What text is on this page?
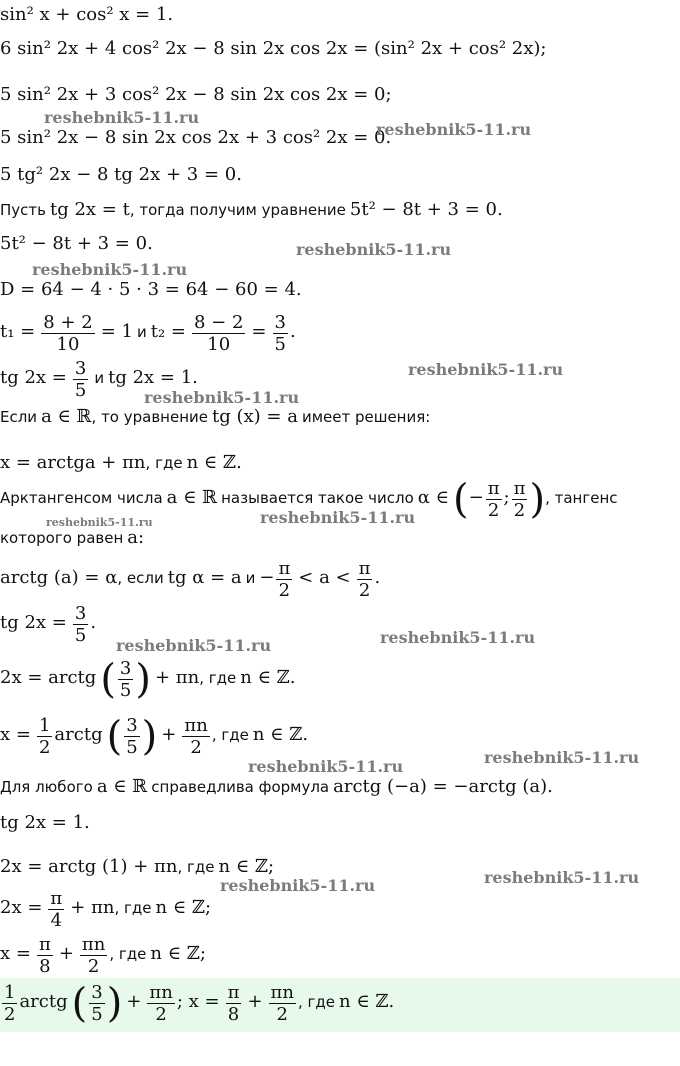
sin² x + cos² x = 1.
6 sin² 2x + 4 cos² 2x − 8 sin 2x cos 2x = (sin² 2x + cos² 2x);
5 sin² 2x + 3 cos² 2x − 8 sin 2x cos 2x = 0;
5 sin² 2x − 8 sin 2x cos 2x + 3 cos² 2x = 0.
5 tg² 2x − 8 tg 2x + 3 = 0.
Пусть tg 2x = t, тогда получим уравнение 5t² − 8t + 3 = 0.
5t² − 8t + 3 = 0.
D = 64 − 4 · 5 · 3 = 64 − 60 = 4.
$t_1 = \frac{8 + 2}{10} = 1$ и $t_2 = \frac{8 - 2}{10} = \frac{3}{5}$ .
tg $2x = \frac{3}{5}$ и tg 2x = 1.
Если a ∈ ℝ, то уравнение tg (x) = a имеет решения:
x = arctga + πn, где n ∈ ℤ.
Арктангенсом числа a ∈ ℝ называется такое число α ∈ (− $\frac{\pi}{2}$ ; $\frac{\pi}{2}$ ), тангенс
которого равен a:
arctg (a) = α, если tg α = a $и - \frac{\pi}{2} < a < \frac{\pi}{2}$ .
tg $2x = \frac{3}{5}$ .
2x = arctg ( $\frac{3}{5}$ ) + πn, где n ∈ ℤ.
$x = \frac{1}{2}$ arctg ( $\frac{3}{5}$ ) + $\frac{\pi n}{2}$ , где n ∈ ℤ.
Для любого a ∈ ℝ справедлива формула arctg (−a) = −arctg (a).
tg 2x = 1.
2x = arctg (1) + πn, где n ∈ ℤ;
$2x = \frac{\pi}{4} + \pi n$, где n ∈ ℤ;
$x = \frac{\pi}{8} + \frac{\pi n}{2}$ , где n ∈ ℤ;
$\frac{1}{2}$ arctg ( $\frac{3}{5}$ ) + $\frac{\pi n}{2}$ ; $x = \frac{\pi}{8} + \frac{\pi n}{2}$ , где n ∈ ℤ.
reshebnik5-11.ru
reshebnik5-11.ru
reshebnik5-11.ru
reshebnik5-11.ru
reshebnik5-11.ru
reshebnik5-11.ru
reshebnik5-11.ru	reshebnik5-11.ru
reshebnik5-11.ru	reshebnik5-11.ru
reshebnik5-11.ru
reshebnik5-11.ru
reshebnik5-11.ru
reshebnik5-11.ru
